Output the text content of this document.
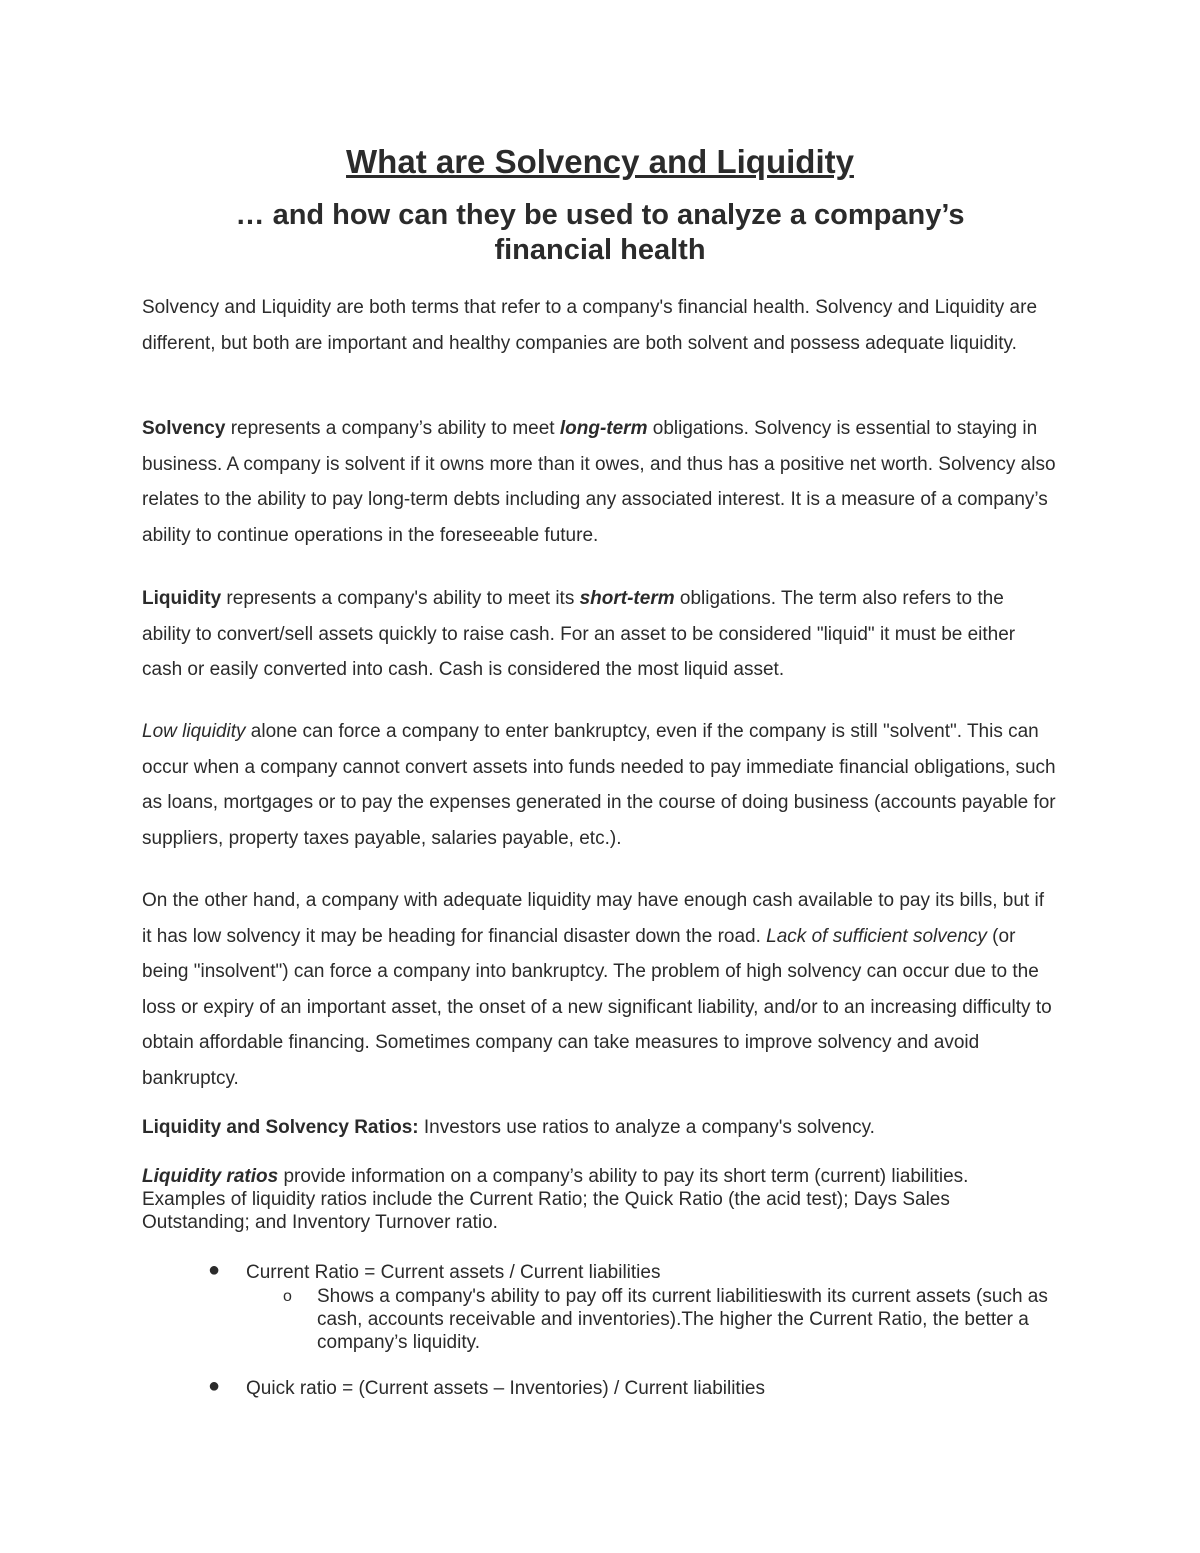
What are Solvency and Liquidity
… and how can they be used to analyze a company’s
financial health

Solvency and Liquidity are both terms that refer to a company's financial health. Solvency and Liquidity are different, but both are important and healthy companies are both solvent and possess adequate liquidity.

Solvency represents a company’s ability to meet long-term obligations. Solvency is essential to staying in business. A company is solvent if it owns more than it owes, and thus has a positive net worth. Solvency also relates to the ability to pay long-term debts including any associated interest. It is a measure of a company’s ability to continue operations in the foreseeable future.

Liquidity represents a company's ability to meet its short-term obligations. The term also refers to the ability to convert/sell assets quickly to raise cash. For an asset to be considered "liquid" it must be either cash or easily converted into cash. Cash is considered the most liquid asset.

Low liquidity alone can force a company to enter bankruptcy, even if the company is still "solvent". This can occur when a company cannot convert assets into funds needed to pay immediate financial obligations, such as loans, mortgages or to pay the expenses generated in the course of doing business (accounts payable for suppliers, property taxes payable, salaries payable, etc.).

On the other hand, a company with adequate liquidity may have enough cash available to pay its bills, but if it has low solvency it may be heading for financial disaster down the road. Lack of sufficient solvency (or being "insolvent") can force a company into bankruptcy. The problem of high solvency can occur due to the loss or expiry of an important asset, the onset of a new significant liability, and/or to an increasing difficulty to obtain affordable financing. Sometimes company can take measures to improve solvency and avoid bankruptcy.

Liquidity and Solvency Ratios: Investors use ratios to analyze a company's solvency.

Liquidity ratios provide information on a company’s ability to pay its short term (current) liabilities. Examples of liquidity ratios include the Current Ratio; the Quick Ratio (the acid test); Days Sales Outstanding; and Inventory Turnover ratio.

● Current Ratio = Current assets / Current liabilities
o Shows a company's ability to pay off its current liabilitieswith its current assets (such as cash, accounts receivable and inventories).The higher the Current Ratio, the better a company’s liquidity.
● Quick ratio = (Current assets – Inventories) / Current liabilities
